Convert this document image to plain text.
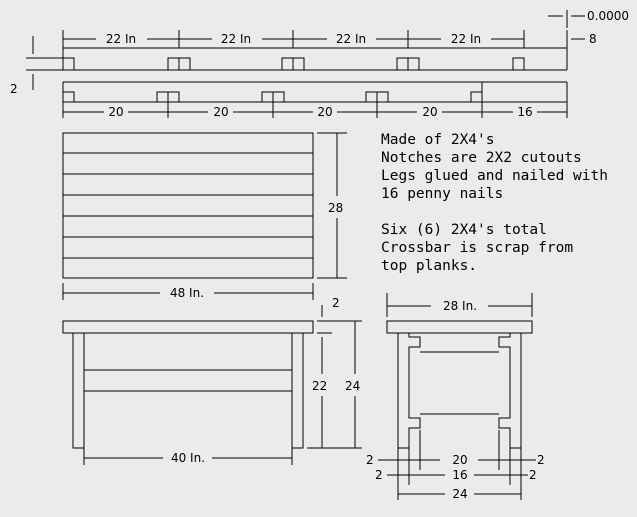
22 In	22 In	22 In	22 In
0.0000
8
2
20	20	20	20	16
28
48 In.
Made of 2X4's
Notches are 2X2 cutouts
Legs glued and nailed with
16 penny nails
Six (6) 2X4's total
Crossbar is scrap from
top planks.
2
22 24
40 In.
28 In.
20
16
24
2
2
2
2
